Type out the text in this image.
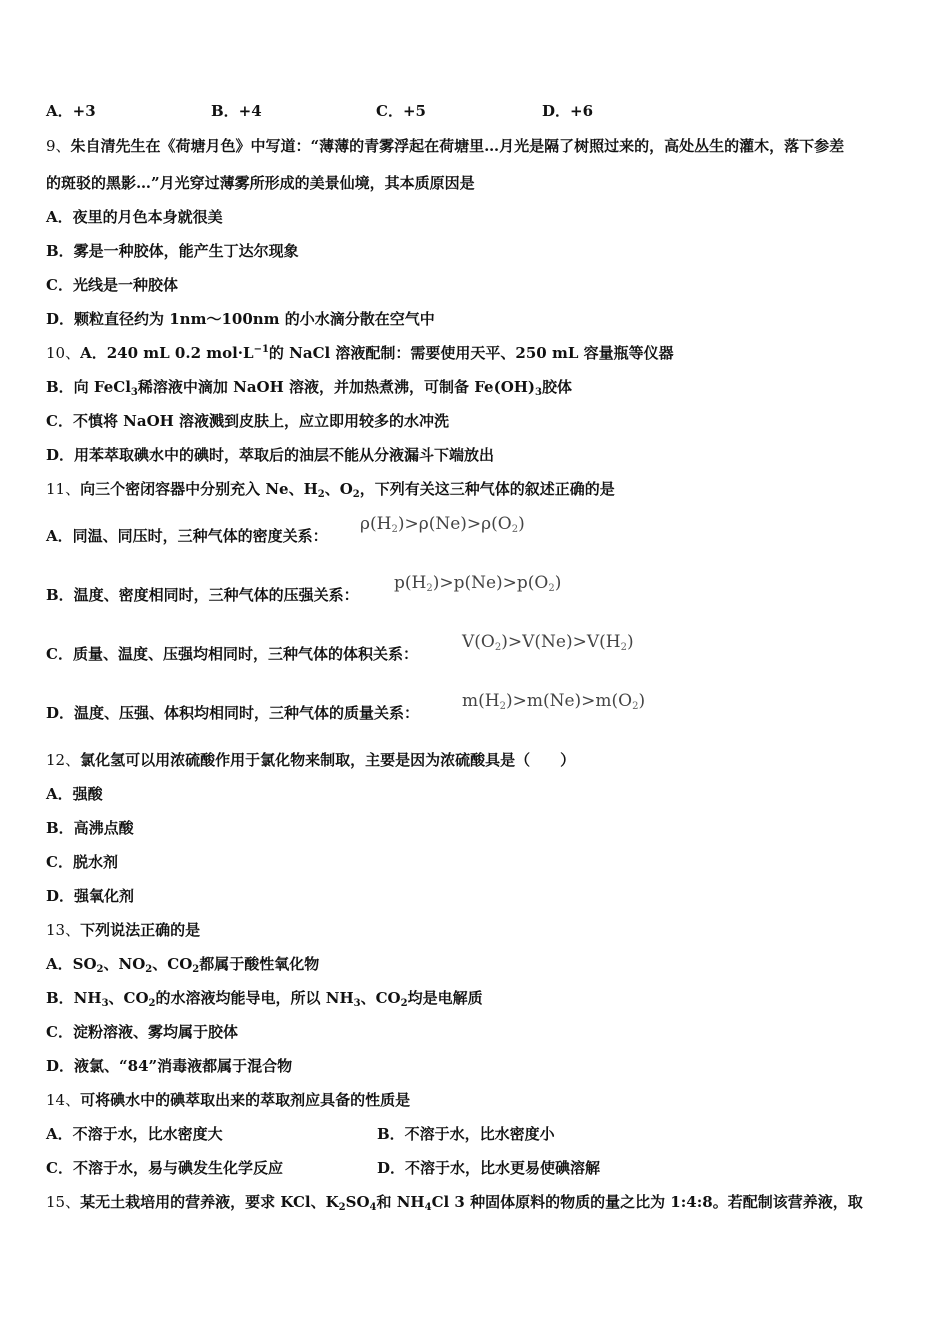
A．+3	B．+4	C．+5	D．+6
9、朱自清先生在《荷塘月色》中写道：“薄薄的青雾浮起在荷塘里…月光是隔了树照过来的，高处丛生的灌木，落下参差
的斑驳的黑影…”月光穿过薄雾所形成的美景仙境，其本质原因是
A．夜里的月色本身就很美
B．雾是一种胶体，能产生丁达尔现象
C．光线是一种胶体
D．颗粒直径约为 1nm～100nm 的小水滴分散在空气中
10、A．240 mL 0.2 $mol\cdot L^{-1}$的 NaCl 溶液配制：需要使用天平、250 mL 容量瓶等仪器
B．向 FeCl$_3$稀溶液中滴加 NaOH 溶液，并加热煮沸，可制备 $Fe(OH)_3$胶体
C．不慎将 NaOH 溶液溅到皮肤上，应立即用较多的水冲洗
D．用苯萃取碘水中的碘时，萃取后的油层不能从分液漏斗下端放出
11、向三个密闭容器中分别充入 Ne、$H_2$、$O_2$，下列有关这三种气体的叙述正确的是
A．同温、同压时，三种气体的密度关系：
$\rho(H_2)>\rho(Ne)>\rho(O_2)$
B．温度、密度相同时，三种气体的压强关系：
$p(H_2)>p(Ne)>p(O_2)$
C．质量、温度、压强均相同时，三种气体的体积关系：
$V(O_2)>V(Ne)>V(H_2)$
D．温度、压强、体积均相同时，三种气体的质量关系：
$m(H_2)>m(Ne)>m(O_2)$
12、氯化氢可以用浓硫酸作用于氯化物来制取，主要是因为浓硫酸具是（　　）
A．强酸
B．高沸点酸
C．脱水剂
D．强氧化剂
13、下列说法正确的是
A．$SO_2$、$NO_2$、$CO_2$都属于酸性氧化物
B．$NH_3$、$CO_2$的水溶液均能导电，所以 $NH_3$、$CO_2$均是电解质
C．淀粉溶液、雾均属于胶体
D．液氯、“84”消毒液都属于混合物
14、可将碘水中的碘萃取出来的萃取剂应具备的性质是
A．不溶于水，比水密度大	B．不溶于水，比水密度小
C．不溶于水，易与碘发生化学反应	D．不溶于水，比水更易使碘溶解
15、某无土栽培用的营养液，要求 KCl、$K_2SO_4$和 $NH_4Cl$ 3 种固体原料的物质的量之比为 1:4:8。若配制该营养液，取
